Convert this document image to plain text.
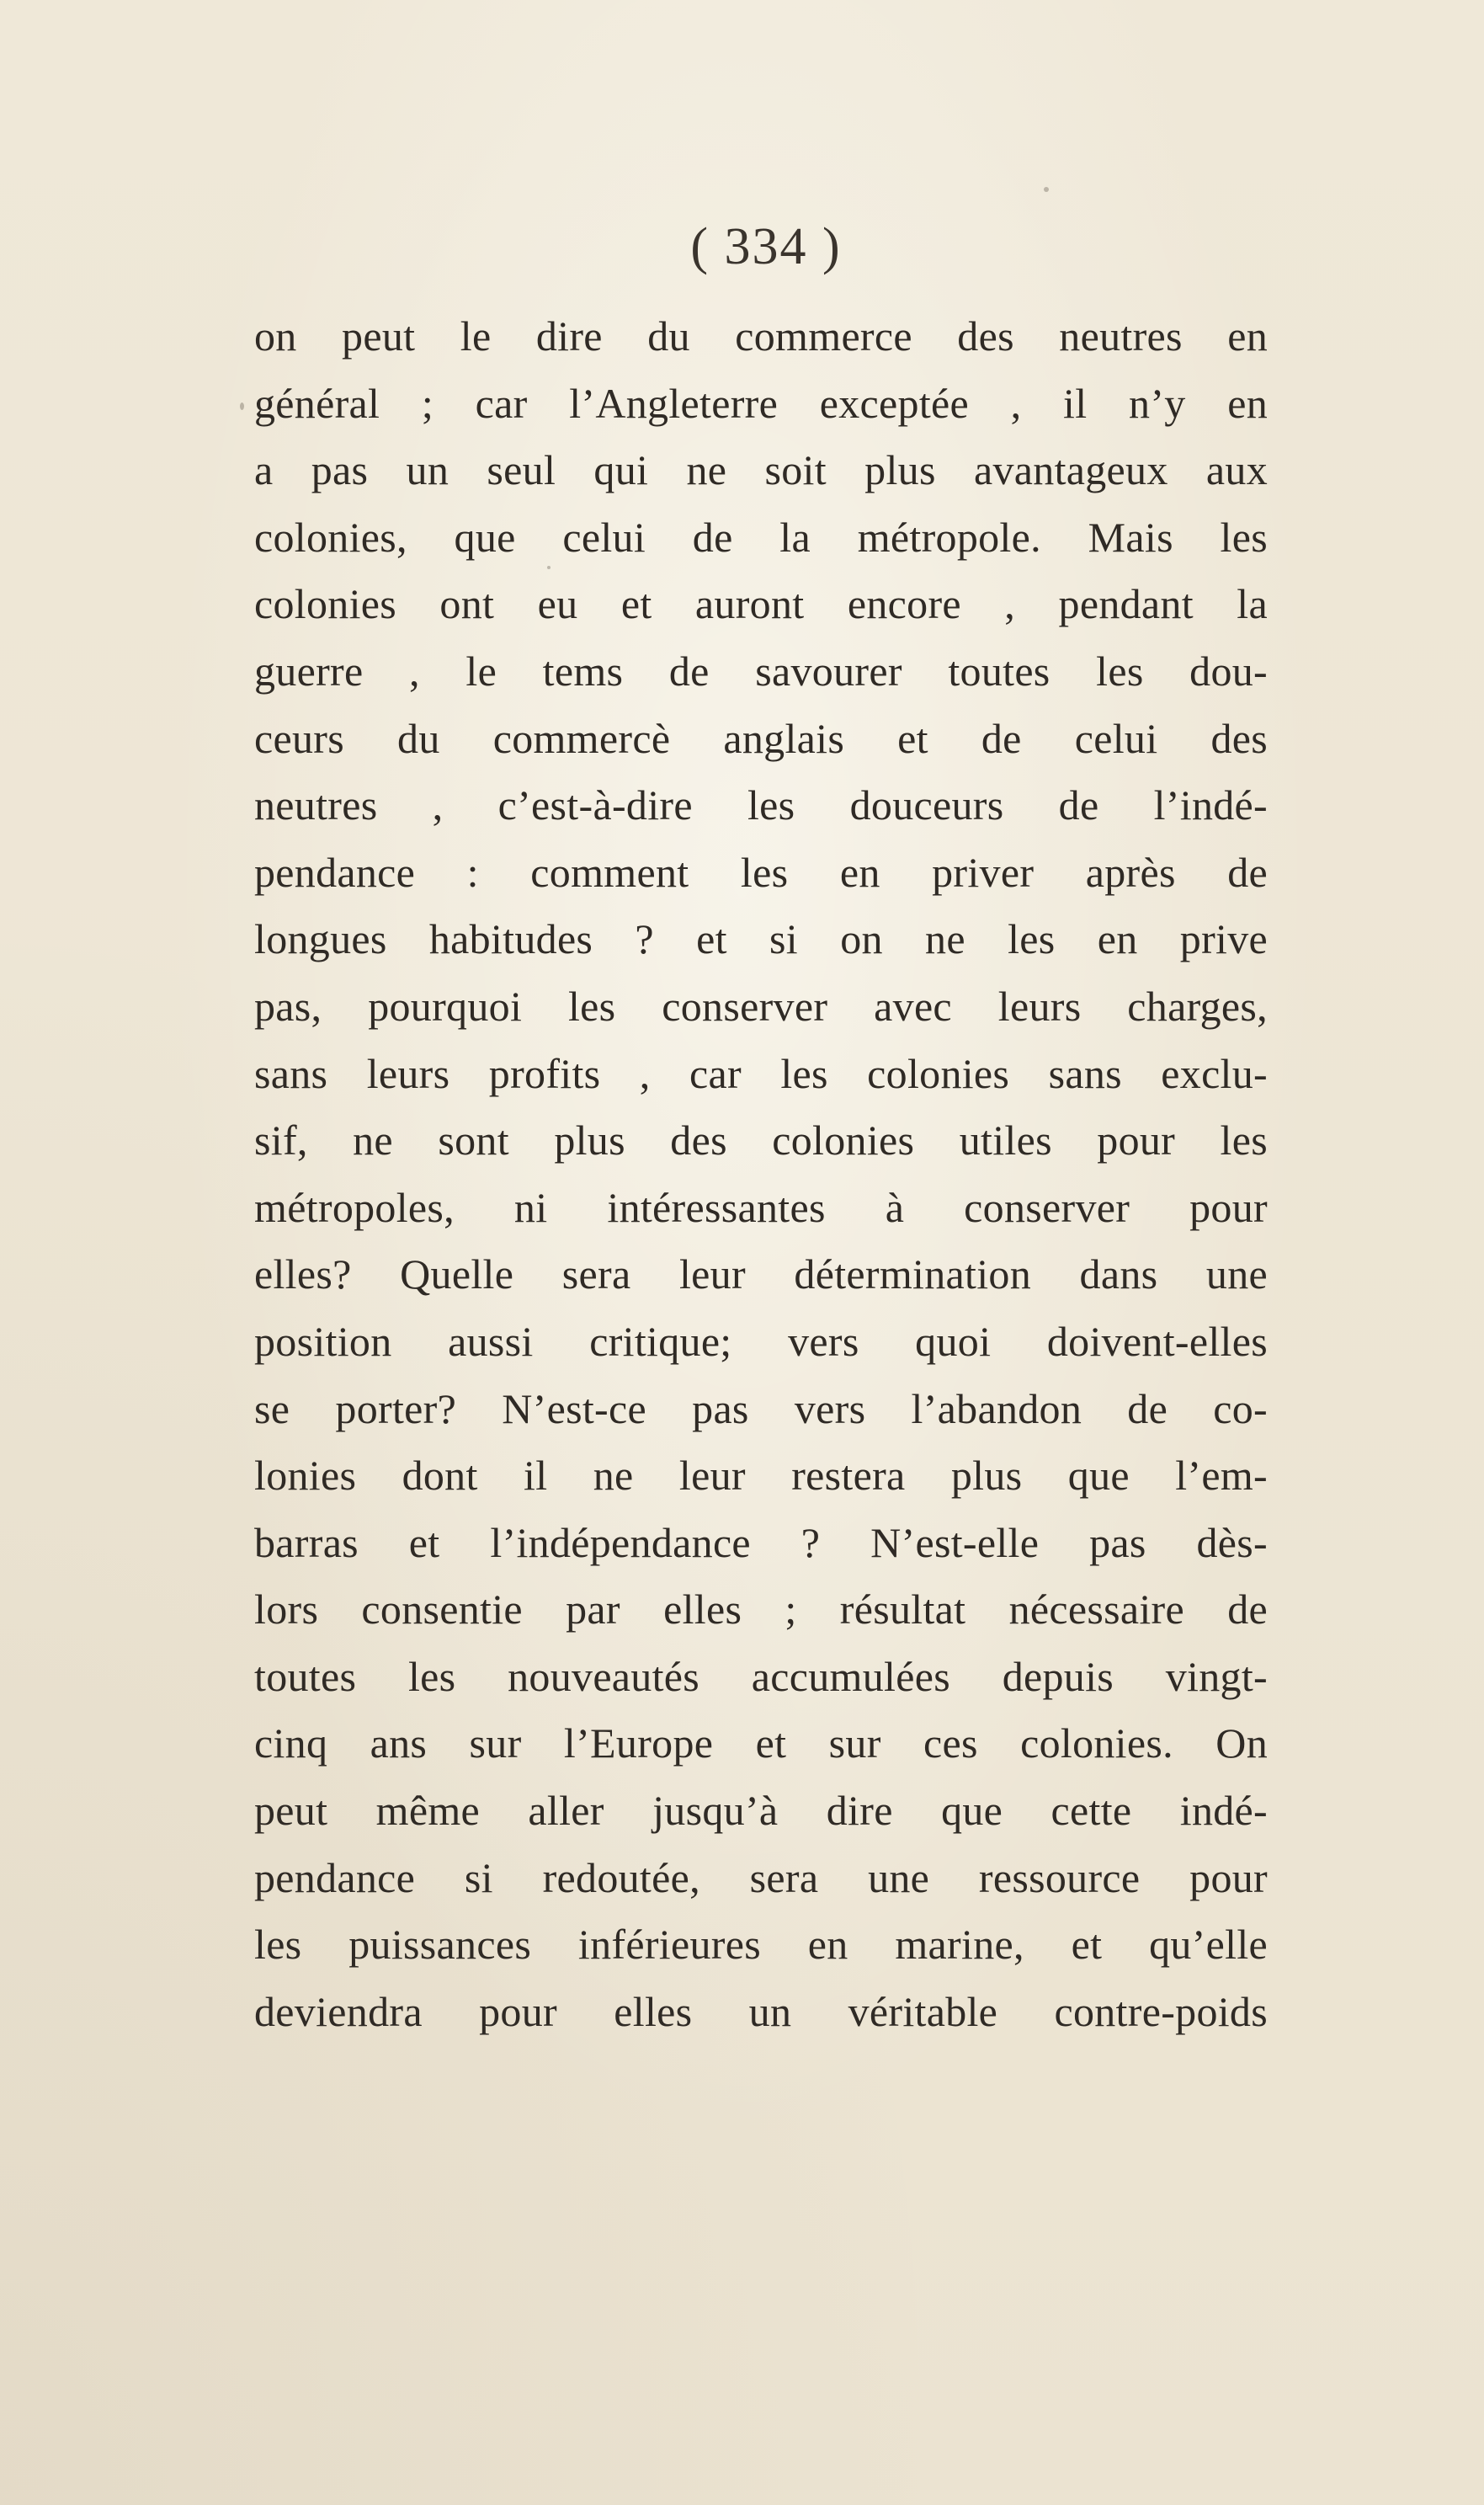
( 334 )
on peut le dire du commerce des neutres en
général ; car l’Angleterre exceptée , il n’y en
a pas un seul qui ne soit plus avantageux aux
colonies, que celui de la métropole. Mais les
colonies ont eu et auront encore , pendant la
guerre , le tems de savourer toutes les dou-
ceurs du commercè anglais et de celui des
neutres , c’est-à-dire les douceurs de l’indé-
pendance : comment les en priver après de
longues habitudes ? et si on ne les en prive
pas, pourquoi les conserver avec leurs charges,
sans leurs profits , car les colonies sans exclu-
sif, ne sont plus des colonies utiles pour les
métropoles, ni intéressantes à conserver pour
elles? Quelle sera leur détermination dans une
position aussi critique; vers quoi doivent-elles
se porter? N’est-ce pas vers l’abandon de co-
lonies dont il ne leur restera plus que l’em-
barras et l’indépendance ? N’est-elle pas dès-
lors consentie par elles ; résultat nécessaire de
toutes les nouveautés accumulées depuis vingt-
cinq ans sur l’Europe et sur ces colonies. On
peut même aller jusqu’à dire que cette indé-
pendance si redoutée, sera une ressource pour
les puissances inférieures en marine, et qu’elle
deviendra pour elles un véritable contre-poids
